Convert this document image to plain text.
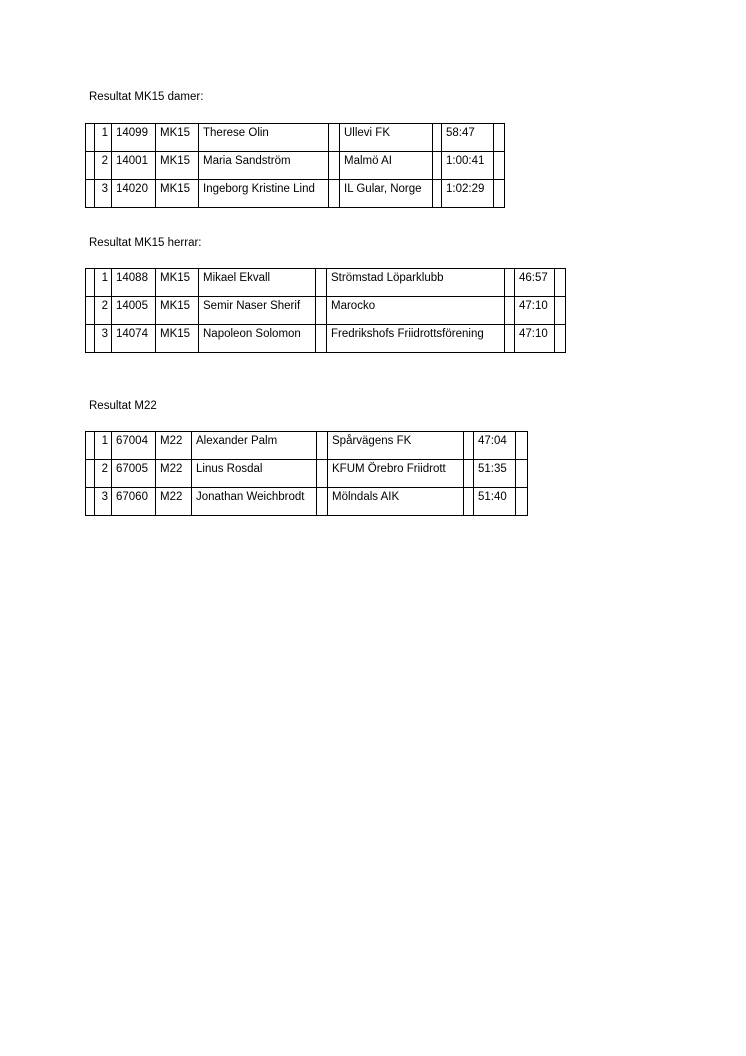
Resultat MK15 damer:
	1	14099	MK15	Therese Olin		Ullevi FK		58:47	
	2	14001	MK15	Maria Sandström		Malmö AI		1:00:41	
	3	14020	MK15	Ingeborg Kristine Lind		IL Gular, Norge		1:02:29	
Resultat MK15 herrar:
	1	14088	MK15	Mikael Ekvall		Strömstad Löparklubb		46:57	
	2	14005	MK15	Semir Naser Sherif		Marocko		47:10	
	3	14074	MK15	Napoleon Solomon		Fredrikshofs Friidrottsförening		47:10	
Resultat M22
	1	67004	M22	Alexander Palm		Spårvägens FK		47:04	
	2	67005	M22	Linus Rosdal		KFUM Örebro Friidrott		51:35	
	3	67060	M22	Jonathan Weichbrodt		Mölndals AIK		51:40	
